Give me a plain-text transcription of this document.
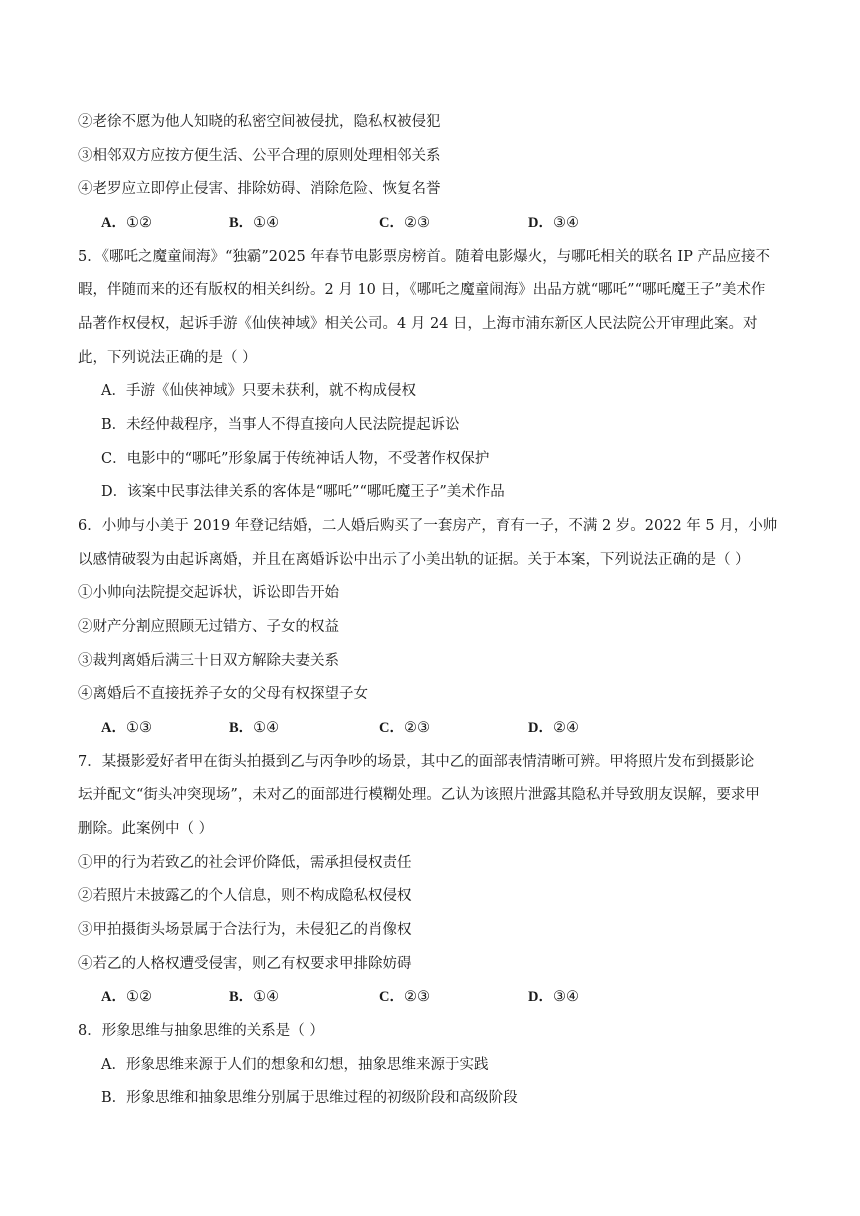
②老徐不愿为他人知晓的私密空间被侵扰，隐私权被侵犯
③相邻双方应按方便生活、公平合理的原则处理相邻关系
④老罗应立即停止侵害、排除妨碍、消除危险、恢复名誉
A．①②	B．①④	C．②③	D．③④
5．《哪吒之魔童闹海》“独霸”2025 年春节电影票房榜首。随着电影爆火，与哪吒相关的联名 IP 产品应接不
暇，伴随而来的还有版权的相关纠纷。2 月 10 日，《哪吒之魔童闹海》出品方就“哪吒”“哪吒魔王子”美术作
品著作权侵权，起诉手游《仙侠神域》相关公司。4 月 24 日，上海市浦东新区人民法院公开审理此案。对
此，下列说法正确的是（ ）
A．手游《仙侠神域》只要未获利，就不构成侵权
B．未经仲裁程序，当事人不得直接向人民法院提起诉讼
C．电影中的“哪吒”形象属于传统神话人物，不受著作权保护
D．该案中民事法律关系的客体是“哪吒”“哪吒魔王子”美术作品
6．小帅与小美于 2019 年登记结婚，二人婚后购买了一套房产，育有一子，不满 2 岁。2022 年 5 月，小帅
以感情破裂为由起诉离婚，并且在离婚诉讼中出示了小美出轨的证据。关于本案，下列说法正确的是（ ）
①小帅向法院提交起诉状，诉讼即告开始
②财产分割应照顾无过错方、子女的权益
③裁判离婚后满三十日双方解除夫妻关系
④离婚后不直接抚养子女的父母有权探望子女
A．①③	B．①④	C．②③	D．②④
7．某摄影爱好者甲在街头拍摄到乙与丙争吵的场景，其中乙的面部表情清晰可辨。甲将照片发布到摄影论
坛并配文“街头冲突现场”，未对乙的面部进行模糊处理。乙认为该照片泄露其隐私并导致朋友误解，要求甲
删除。此案例中（ ）
①甲的行为若致乙的社会评价降低，需承担侵权责任
②若照片未披露乙的个人信息，则不构成隐私权侵权
③甲拍摄街头场景属于合法行为，未侵犯乙的肖像权
④若乙的人格权遭受侵害，则乙有权要求甲排除妨碍
A．①②	B．①④	C．②③	D．③④
8．形象思维与抽象思维的关系是（ ）
A．形象思维来源于人们的想象和幻想，抽象思维来源于实践
B．形象思维和抽象思维分别属于思维过程的初级阶段和高级阶段
